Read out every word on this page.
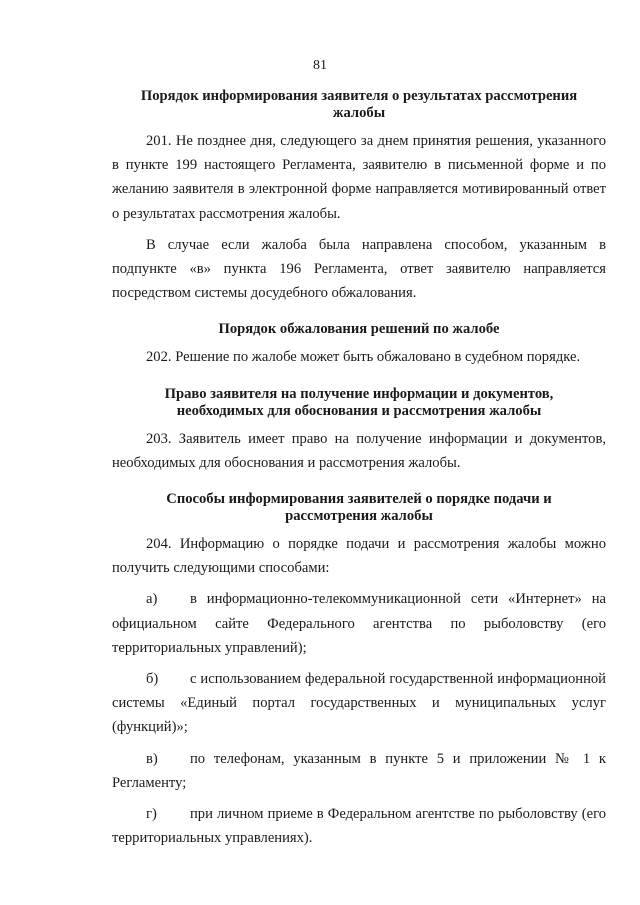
81
Порядок информирования заявителя о результатах рассмотрения жалобы

201. Не позднее дня, следующего за днем принятия решения, указанного в пункте 199 настоящего Регламента, заявителю в письменной форме и по желанию заявителя в электронной форме направляется мотивированный ответ о результатах рассмотрения жалобы.

В случае если жалоба была направлена способом, указанным в подпункте «в» пункта 196 Регламента, ответ заявителю направляется посредством системы досудебного обжалования.

Порядок обжалования решений по жалобе

202. Решение по жалобе может быть обжаловано в судебном порядке.

Право заявителя на получение информации и документов, необходимых для обоснования и рассмотрения жалобы

203. Заявитель имеет право на получение информации и документов, необходимых для обоснования и рассмотрения жалобы.

Способы информирования заявителей о порядке подачи и рассмотрения жалобы

204. Информацию о порядке подачи и рассмотрения жалобы можно получить следующими способами:

а) в информационно-телекоммуникационной сети «Интернет» на официальном сайте Федерального агентства по рыболовству (его территориальных управлений);

б) с использованием федеральной государственной информационной системы «Единый портал государственных и муниципальных услуг (функций)»;

в) по телефонам, указанным в пункте 5 и приложении № 1 к Регламенту;

г) при личном приеме в Федеральном агентстве по рыболовству (его территориальных управлениях).
